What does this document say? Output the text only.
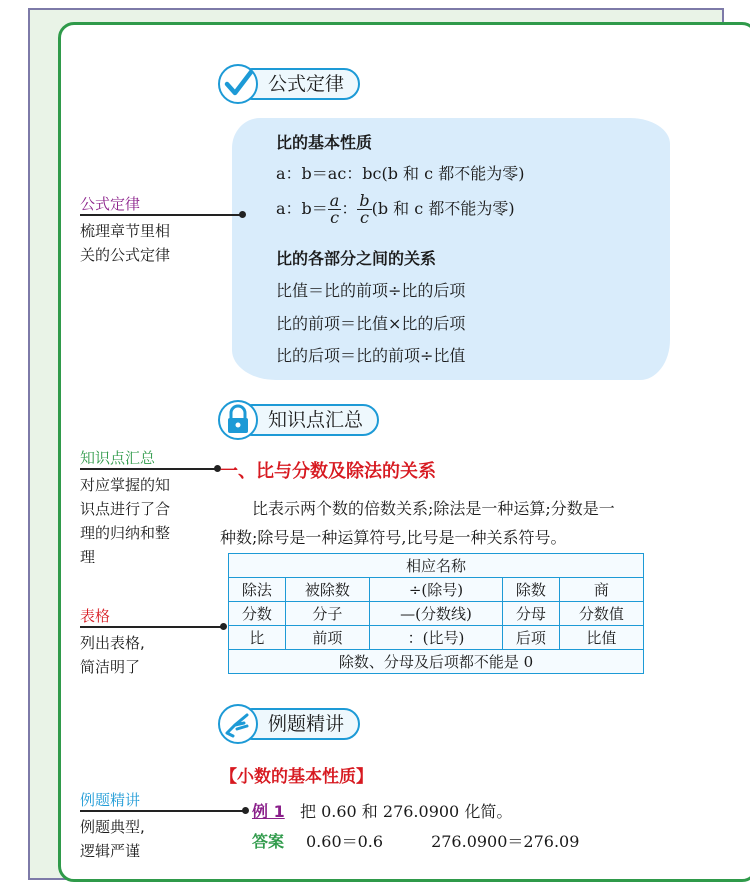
公式定律
比的基本性质
a：b＝ac：bc(b 和 c 都不能为零)
a：$b= \frac{a}{c}$ ： $\frac{b}{c} (b$ 和 c 都不能为零)
比的各部分之间的关系
比值＝比的前项÷比的后项
比的前项＝比值×比的后项
比的后项＝比的前项÷比值
公式定律
梳理章节里相
关的公式定律
知识点汇总
知识点汇总
对应掌握的知
识点进行了合
理的归纳和整
理
一、比与分数及除法的关系
比表示两个数的倍数关系;除法是一种运算;分数是一
种数;除号是一种运算符号,比号是一种关系符号。
相应名称				
除法	被除数	÷(除号)	除数	商
分数	分子	—(分数线)	分母	分数值
比	前项	：(比号)	后项	比值
除数、分母及后项都不能是 0				
表格
列出表格,
简洁明了
例题精讲
【小数的基本性质】
例题精讲
例题典型,
逻辑严谨
例 1 把 0.60 和 276.0900 化简。
答案 0.60＝0.6　　　276.0900＝276.09
